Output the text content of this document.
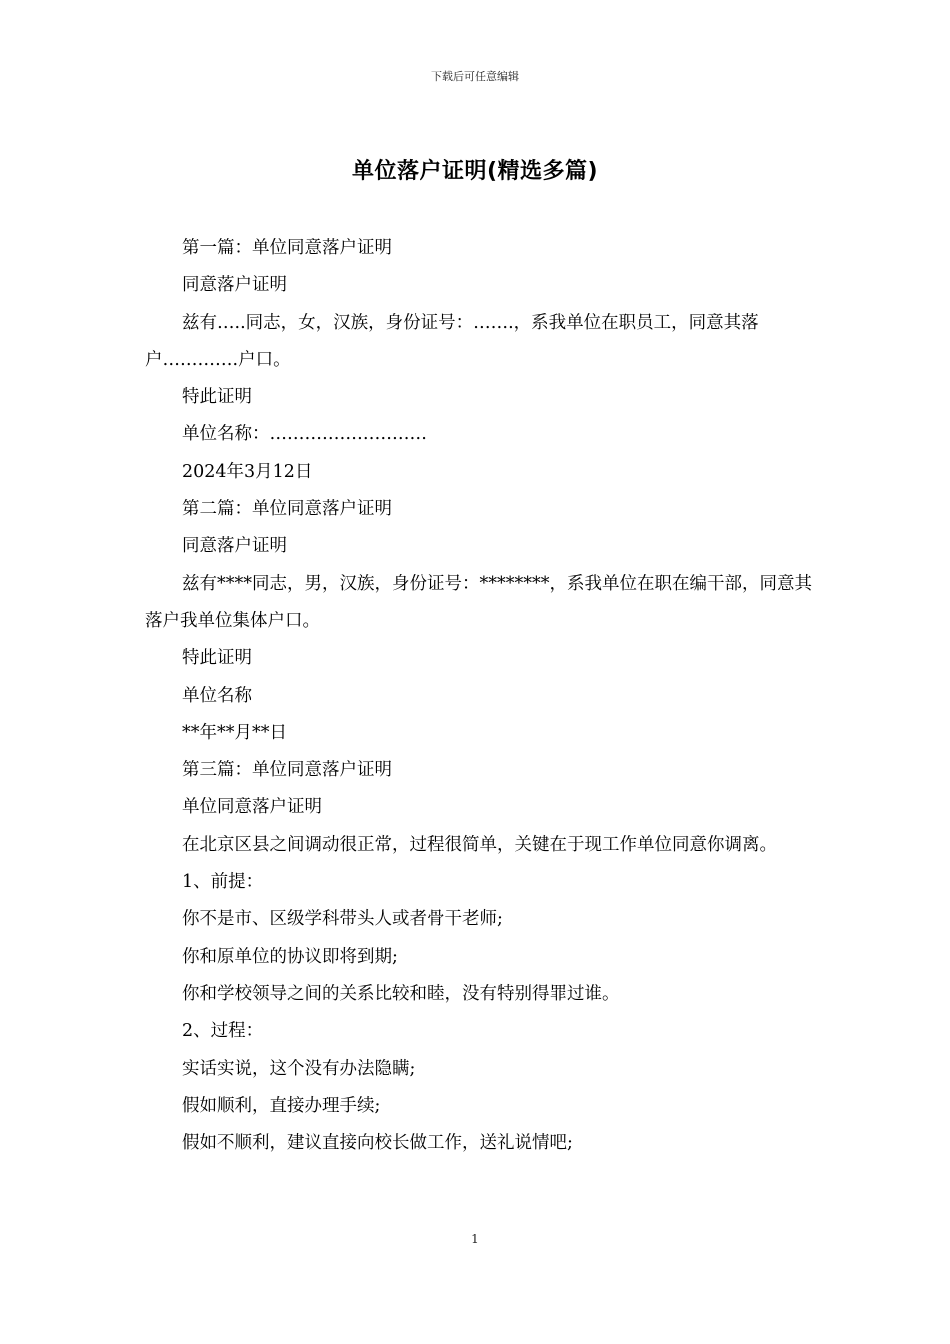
下载后可任意编辑
单位落户证明(精选多篇)

第一篇：单位同意落户证明

同意落户证明

兹有…..同志，女，汉族，身份证号：…….，系我单位在职员工，同意其落户………….户口。

特此证明

单位名称：………………………

2024年3月12日

第二篇：单位同意落户证明

同意落户证明

兹有****同志，男，汉族，身份证号：********，系我单位在职在编干部，同意其落户我单位集体户口。

特此证明

单位名称

**年**月**日

第三篇：单位同意落户证明

单位同意落户证明

在北京区县之间调动很正常，过程很简单，关键在于现工作单位同意你调离。

1、前提：

你不是市、区级学科带头人或者骨干老师;

你和原单位的协议即将到期;

你和学校领导之间的关系比较和睦，没有特别得罪过谁。

2、过程：

实话实说，这个没有办法隐瞒;

假如顺利，直接办理手续;

假如不顺利，建议直接向校长做工作，送礼说情吧;

1
